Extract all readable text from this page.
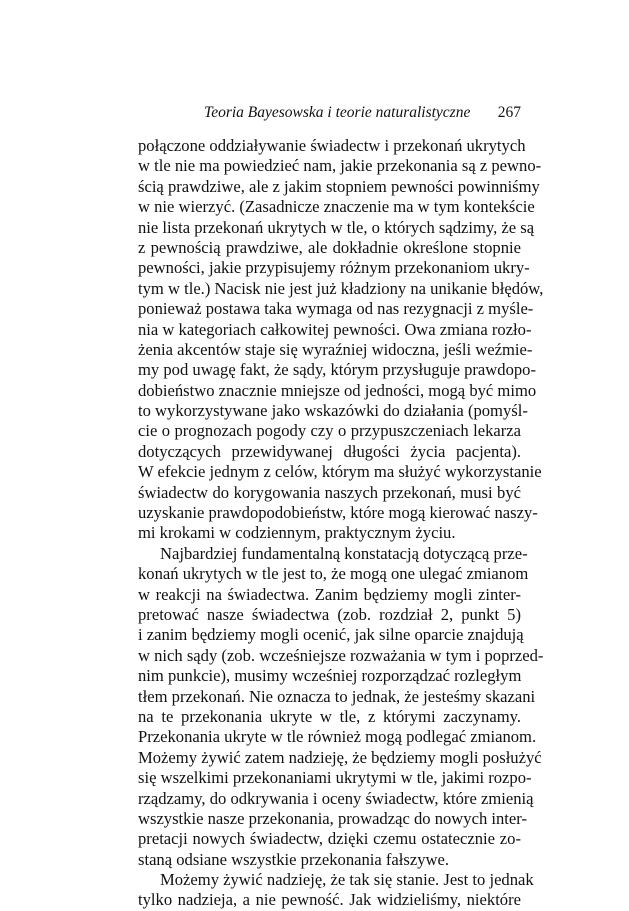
Teoria Bayesowska i teorie naturalistyczne 267
połączone oddziaływanie świadectw i przekonań ukrytych
w tle nie ma powiedzieć nam, jakie przekonania są z pewno-
ścią prawdziwe, ale z jakim stopniem pewności powinniśmy
w nie wierzyć. (Zasadnicze znaczenie ma w tym kontekście
nie lista przekonań ukrytych w tle, o których sądzimy, że są
z pewnością prawdziwe, ale dokładnie określone stopnie
pewności, jakie przypisujemy różnym przekonaniom ukry-
tym w tle.) Nacisk nie jest już kładziony na unikanie błędów,
ponieważ postawa taka wymaga od nas rezygnacji z myśle-
nia w kategoriach całkowitej pewności. Owa zmiana rozło-
żenia akcentów staje się wyraźniej widoczna, jeśli weźmie-
my pod uwagę fakt, że sądy, którym przysługuje prawdopo-
dobieństwo znacznie mniejsze od jedności, mogą być mimo
to wykorzystywane jako wskazówki do działania (pomyśl-
cie o prognozach pogody czy o przypuszczeniach lekarza
dotyczących przewidywanej długości życia pacjenta).
W efekcie jednym z celów, którym ma służyć wykorzystanie
świadectw do korygowania naszych przekonań, musi być
uzyskanie prawdopodobieństw, które mogą kierować naszy-
mi krokami w codziennym, praktycznym życiu.
Najbardziej fundamentalną konstatacją dotyczącą prze-
konań ukrytych w tle jest to, że mogą one ulegać zmianom
w reakcji na świadectwa. Zanim będziemy mogli zinter-
pretować nasze świadectwa (zob. rozdział 2, punkt 5)
i zanim będziemy mogli ocenić, jak silne oparcie znajdują
w nich sądy (zob. wcześniejsze rozważania w tym i poprzed-
nim punkcie), musimy wcześniej rozporządzać rozległym
tłem przekonań. Nie oznacza to jednak, że jesteśmy skazani
na te przekonania ukryte w tle, z którymi zaczynamy.
Przekonania ukryte w tle również mogą podlegać zmianom.
Możemy żywić zatem nadzieję, że będziemy mogli posłużyć
się wszelkimi przekonaniami ukrytymi w tle, jakimi rozpo-
rządzamy, do odkrywania i oceny świadectw, które zmienią
wszystkie nasze przekonania, prowadząc do nowych inter-
pretacji nowych świadectw, dzięki czemu ostatecznie zo-
staną odsiane wszystkie przekonania fałszywe.
Możemy żywić nadzieję, że tak się stanie. Jest to jednak
tylko nadzieja, a nie pewność. Jak widzieliśmy, niektóre
